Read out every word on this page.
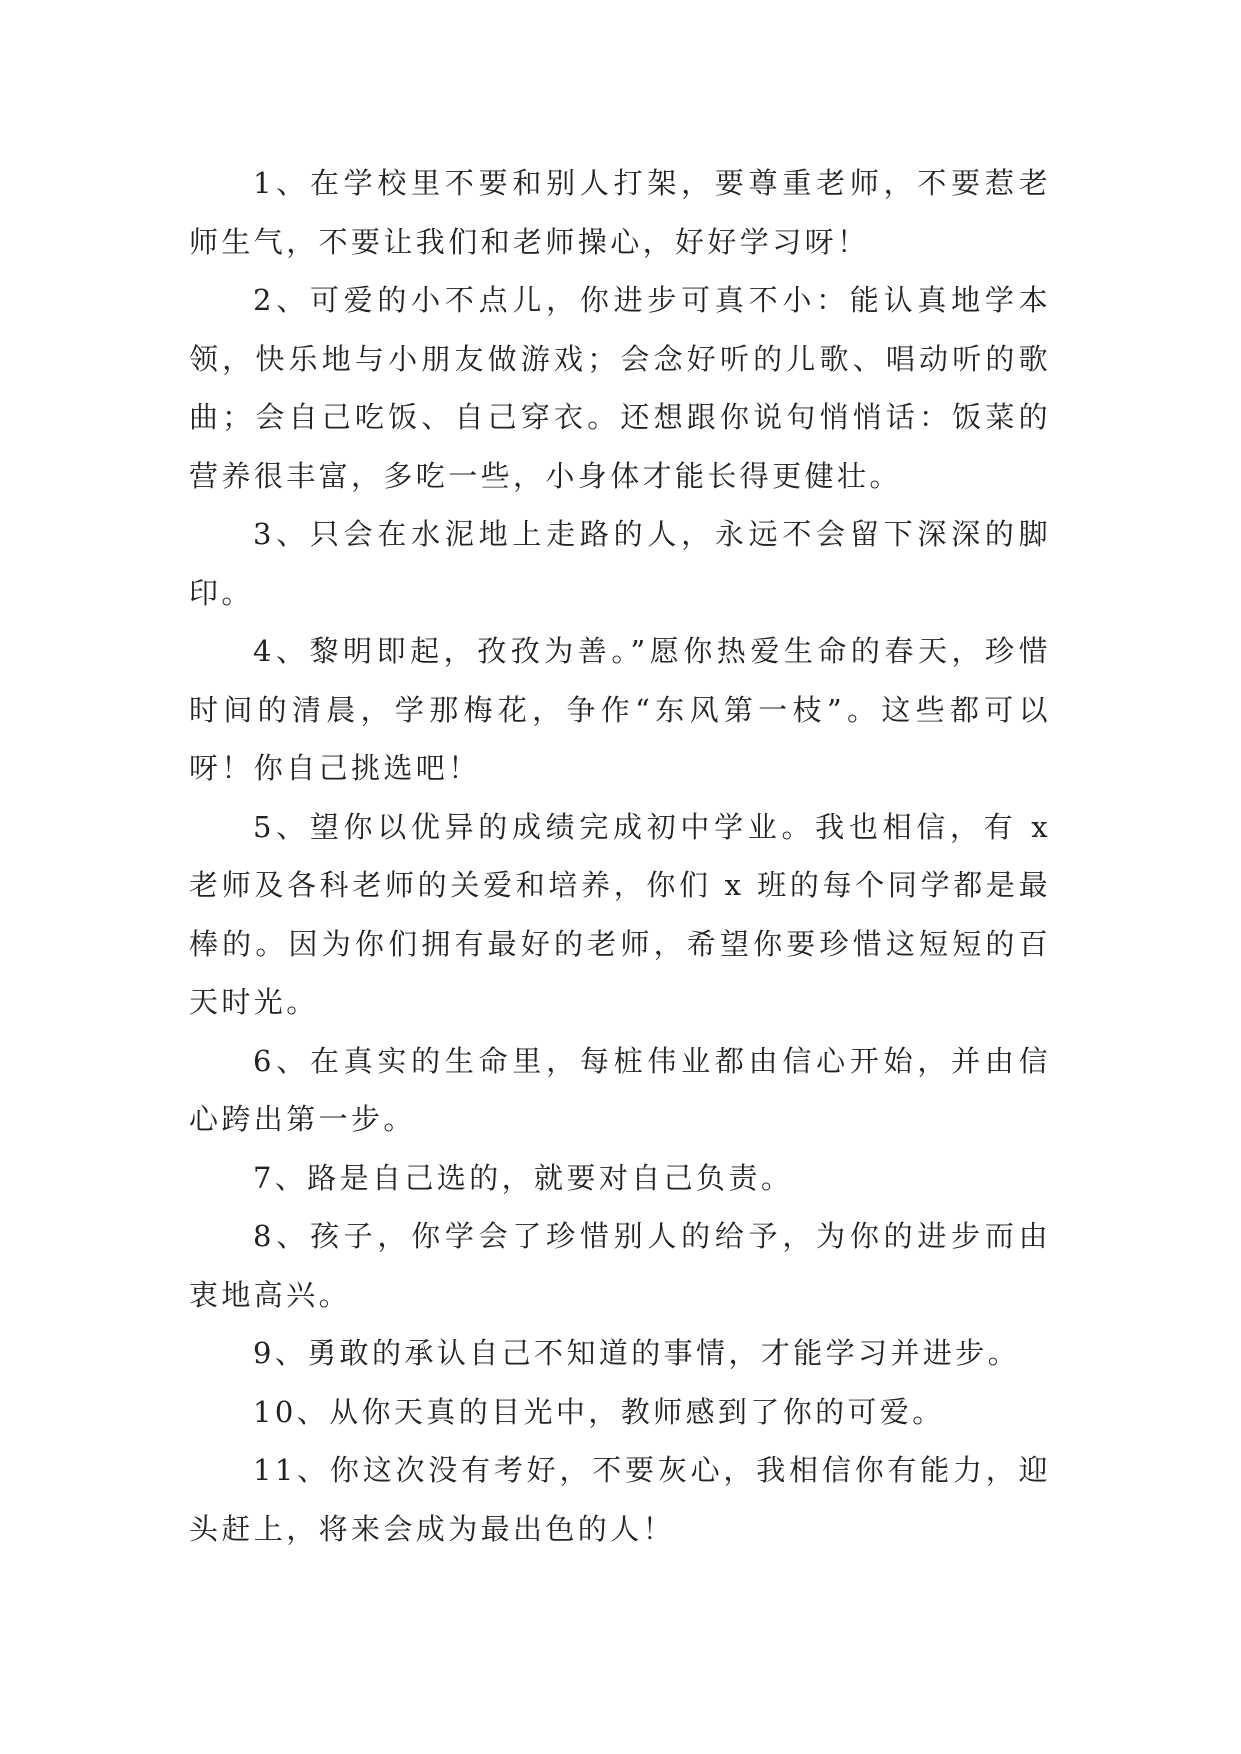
1、在学校里不要和别人打架，要尊重老师，不要惹老师生气，不要让我们和老师操心，好好学习呀！

2、可爱的小不点儿，你进步可真不小：能认真地学本领，快乐地与小朋友做游戏；会念好听的儿歌、唱动听的歌曲；会自己吃饭、自己穿衣。还想跟你说句悄悄话：饭菜的营养很丰富，多吃一些，小身体才能长得更健壮。

3、只会在水泥地上走路的人，永远不会留下深深的脚印。

4、黎明即起，孜孜为善。”愿你热爱生命的春天，珍惜时间的清晨，学那梅花，争作“东风第一枝”。这些都可以呀！你自己挑选吧！

5、望你以优异的成绩完成初中学业。我也相信，有 x 老师及各科老师的关爱和培养，你们 x 班的每个同学都是最棒的。因为你们拥有最好的老师，希望你要珍惜这短短的百天时光。

6、在真实的生命里，每桩伟业都由信心开始，并由信心跨出第一步。

7、路是自己选的，就要对自己负责。

8、孩子，你学会了珍惜别人的给予，为你的进步而由衷地高兴。

9、勇敢的承认自己不知道的事情，才能学习并进步。

10、从你天真的目光中，教师感到了你的可爱。

11、你这次没有考好，不要灰心，我相信你有能力，迎头赶上，将来会成为最出色的人！
